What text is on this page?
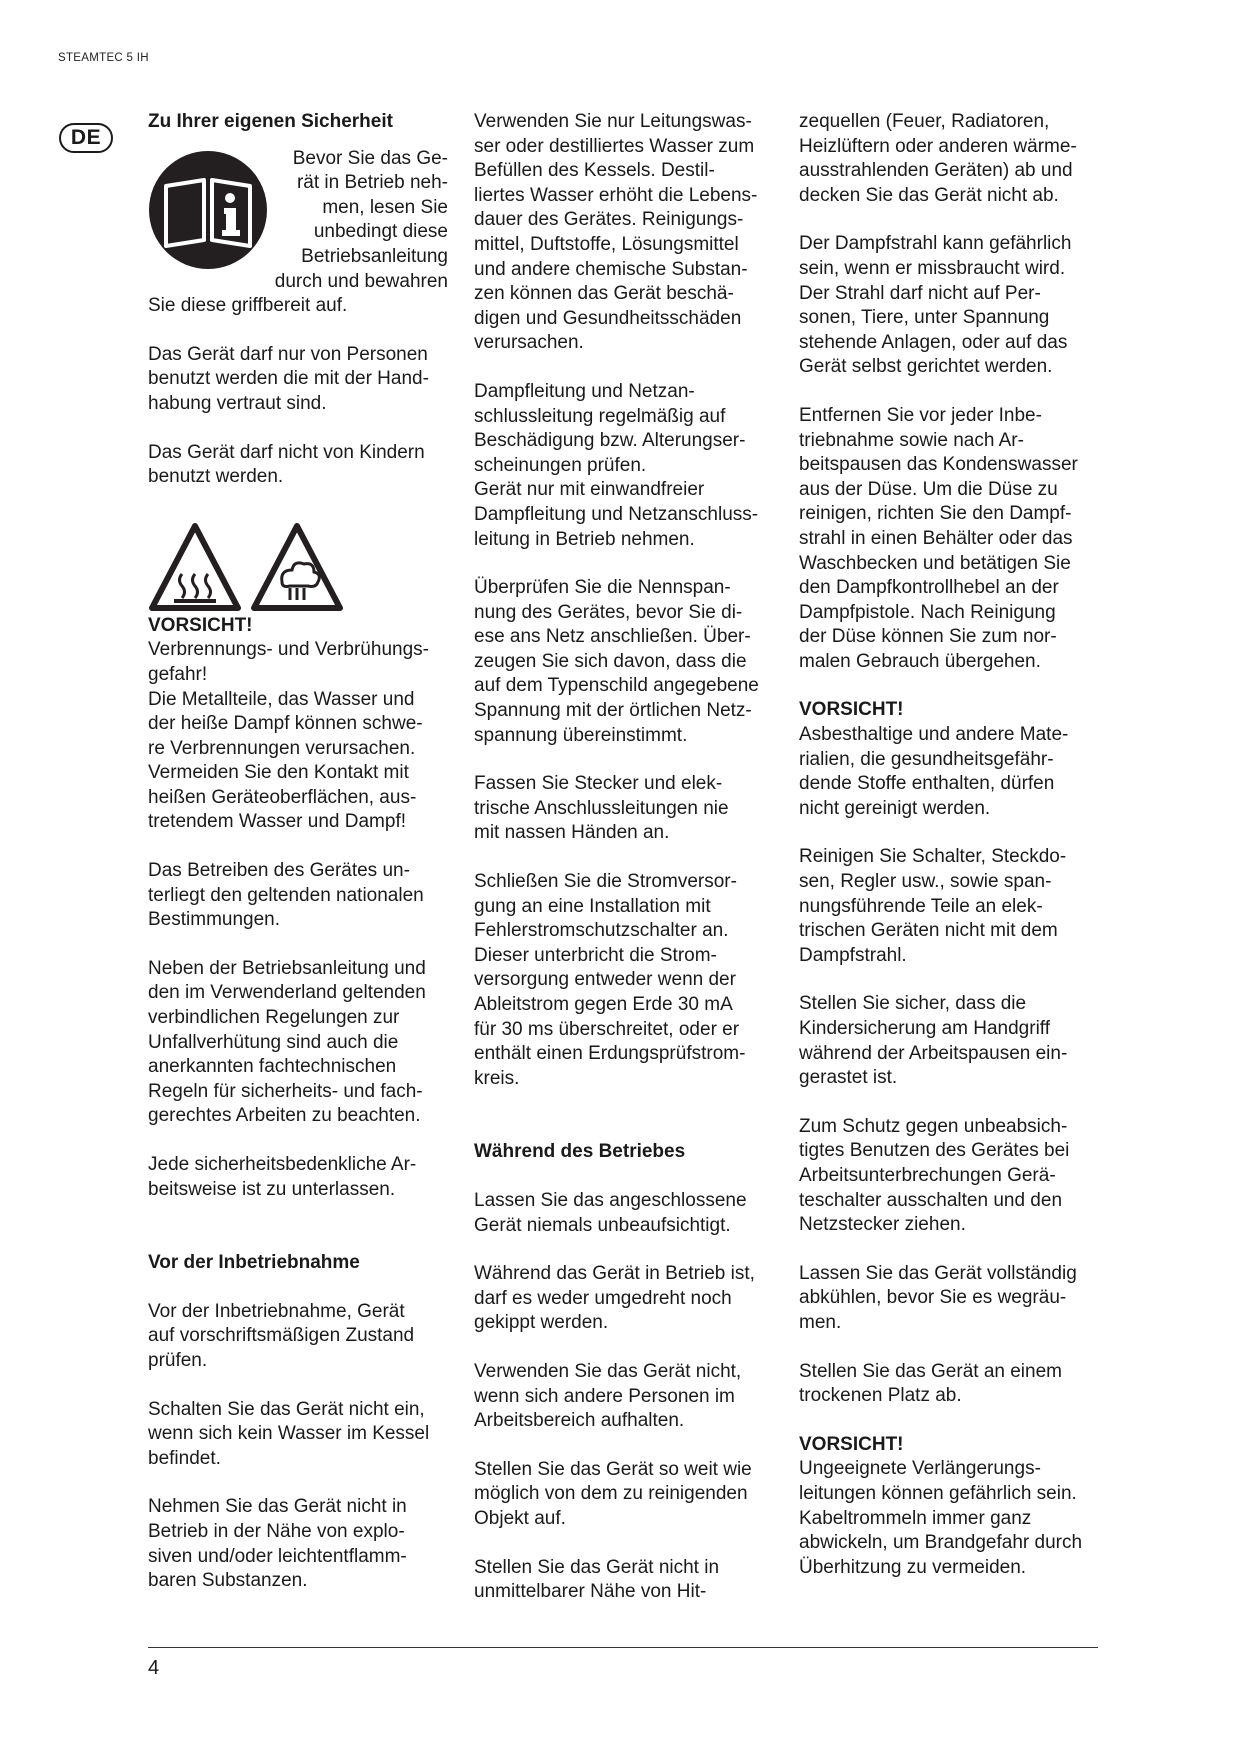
STEAMTEC 5 IH
DE

Zu Ihrer eigenen Sicherheit

Bevor Sie das Ge-
rät in Betrieb neh-
men, lesen Sie
unbedingt diese
Betriebsanleitung
durch und bewahren

Sie diese griffbereit auf.

Das Gerät darf nur von Personen
benutzt werden die mit der Hand-
habung vertraut sind.

Das Gerät darf nicht von Kindern
benutzt werden.

VORSICHT!

Verbrennungs- und Verbrühungs-
gefahr!
Die Metallteile, das Wasser und
der heiße Dampf können schwe-
re Verbrennungen verursachen.
Vermeiden Sie den Kontakt mit
heißen Geräteoberflächen, aus-
tretendem Wasser und Dampf!

Das Betreiben des Gerätes un-
terliegt den geltenden nationalen
Bestimmungen.

Neben der Betriebsanleitung und
den im Verwenderland geltenden
verbindlichen Regelungen zur
Unfallverhütung sind auch die
anerkannten fachtechnischen
Regeln für sicherheits- und fach-
gerechtes Arbeiten zu beachten.

Jede sicherheitsbedenkliche Ar-
beitsweise ist zu unterlassen.

Vor der Inbetriebnahme

Vor der Inbetriebnahme, Gerät
auf vorschriftsmäßigen Zustand
prüfen.

Schalten Sie das Gerät nicht ein,
wenn sich kein Wasser im Kessel
befindet.

Nehmen Sie das Gerät nicht in
Betrieb in der Nähe von explo-
siven und/oder leichtentflamm-
baren Substanzen.

Verwenden Sie nur Leitungswas-
ser oder destilliertes Wasser zum
Befüllen des Kessels. Destil-
liertes Wasser erhöht die Lebens-
dauer des Gerätes. Reinigungs-
mittel, Duftstoffe, Lösungsmittel
und andere chemische Substan-
zen können das Gerät beschä-
digen und Gesundheitsschäden
verursachen.

Dampfleitung und Netzan-
schlussleitung regelmäßig auf
Beschädigung bzw. Alterungser-
scheinungen prüfen.
Gerät nur mit einwandfreier
Dampfleitung und Netzanschluss-
leitung in Betrieb nehmen.

Überprüfen Sie die Nennspan-
nung des Gerätes, bevor Sie di-
ese ans Netz anschließen. Über-
zeugen Sie sich davon, dass die
auf dem Typenschild angegebene
Spannung mit der örtlichen Netz-
spannung übereinstimmt.

Fassen Sie Stecker und elek-
trische Anschlussleitungen nie
mit nassen Händen an.

Schließen Sie die Stromversor-
gung an eine Installation mit
Fehlerstromschutzschalter an.
Dieser unterbricht die Strom-
versorgung entweder wenn der
Ableitstrom gegen Erde 30 mA
für 30 ms überschreitet, oder er
enthält einen Erdungsprüfstrom-
kreis.

Während des Betriebes

Lassen Sie das angeschlossene
Gerät niemals unbeaufsichtigt.

Während das Gerät in Betrieb ist,
darf es weder umgedreht noch
gekippt werden.

Verwenden Sie das Gerät nicht,
wenn sich andere Personen im
Arbeitsbereich aufhalten.

Stellen Sie das Gerät so weit wie
möglich von dem zu reinigenden
Objekt auf.

Stellen Sie das Gerät nicht in
unmittelbarer Nähe von Hit-

zequellen (Feuer, Radiatoren,
Heizlüftern oder anderen wärme-
ausstrahlenden Geräten) ab und
decken Sie das Gerät nicht ab.

Der Dampfstrahl kann gefährlich
sein, wenn er missbraucht wird.
Der Strahl darf nicht auf Per-
sonen, Tiere, unter Spannung
stehende Anlagen, oder auf das
Gerät selbst gerichtet werden.

Entfernen Sie vor jeder Inbe-
triebnahme sowie nach Ar-
beitspausen das Kondenswasser
aus der Düse. Um die Düse zu
reinigen, richten Sie den Dampf-
strahl in einen Behälter oder das
Waschbecken und betätigen Sie
den Dampfkontrollhebel an der
Dampfpistole. Nach Reinigung
der Düse können Sie zum nor-
malen Gebrauch übergehen.

VORSICHT!

Asbesthaltige und andere Mate-
rialien, die gesundheitsgefähr-
dende Stoffe enthalten, dürfen
nicht gereinigt werden.

Reinigen Sie Schalter, Steckdo-
sen, Regler usw., sowie span-
nungsführende Teile an elek-
trischen Geräten nicht mit dem
Dampfstrahl.

Stellen Sie sicher, dass die
Kindersicherung am Handgriff
während der Arbeitspausen ein-
gerastet ist.

Zum Schutz gegen unbeabsich-
tigtes Benutzen des Gerätes bei
Arbeitsunterbrechungen Gerä-
teschalter ausschalten und den
Netzstecker ziehen.

Lassen Sie das Gerät vollständig
abkühlen, bevor Sie es wegräu-
men.

Stellen Sie das Gerät an einem
trockenen Platz ab.

VORSICHT!

Ungeeignete Verlängerungs-
leitungen können gefährlich sein.
Kabeltrommeln immer ganz
abwickeln, um Brandgefahr durch
Überhitzung zu vermeiden.

4
